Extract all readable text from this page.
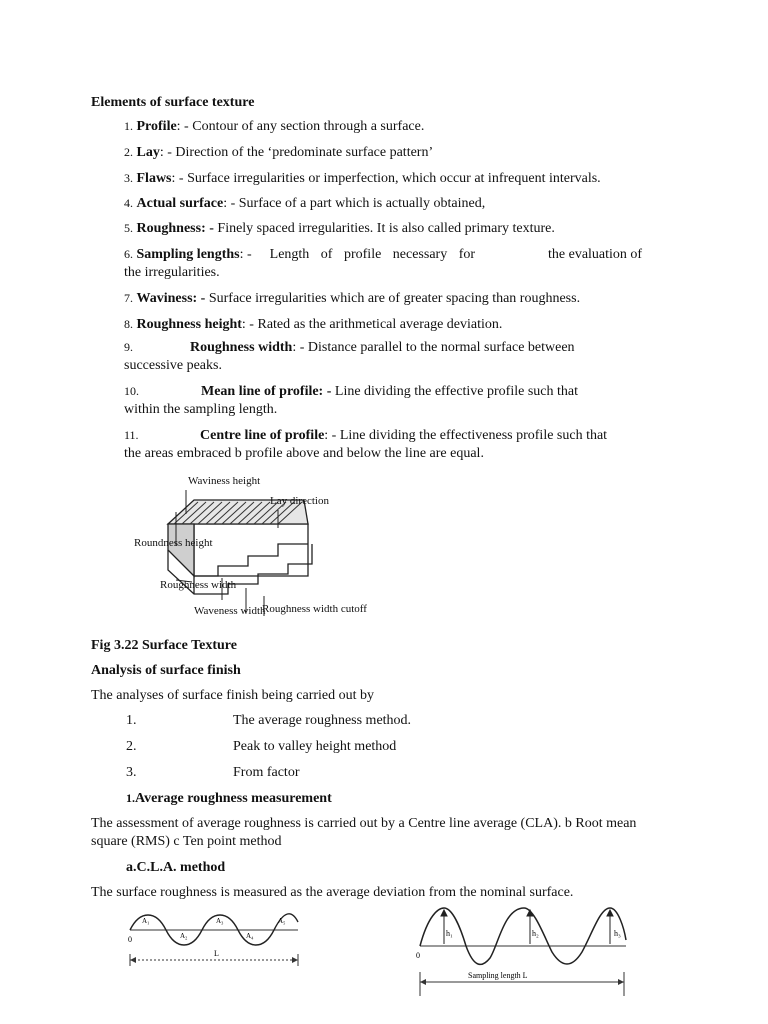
Elements of surface texture
1. Profile: - Contour of any section through a surface.
2. Lay: - Direction of the ‘predominate surface pattern’
3. Flaws: - Surface irregularities or imperfection, which occur at infrequent intervals.
4. Actual surface: - Surface of a part which is actually obtained,
5. Roughness: - Finely spaced irregularities. It is also called primary texture.
6. Sampling lengths: - Length of profile necessary for	the evaluation of
the irregularities.
7. Waviness: - Surface irregularities which are of greater spacing than roughness.
8. Roughness height: - Rated as the arithmetical average deviation.
9.	Roughness width: - Distance parallel to the normal surface between
successive peaks.
10.	Mean line of profile: - Line dividing the effective profile such that
within the sampling length.
11.	Centre line of profile: - Line dividing the effectiveness profile such that
the areas embraced b profile above and below the line are equal.
Waviness height
Lay direction
Roundness height
Roughness width
Waveness width
Roughness width cutoff
Fig 3.22 Surface Texture
Analysis of surface finish
The analyses of surface finish being carried out by
1.	The average roughness method.
2.	Peak to valley height method
3.	From factor
1.Average roughness measurement
The assessment of average roughness is carried out by a Centre line average (CLA). b Root mean
square (RMS) c Ten point method
a.C.L.A. method
The surface roughness is measured as the average deviation from the nominal surface.
A₁
A₂
A₃
A₄
A₅
0
L
h₁	h₂	h₃
0
Sampling length L
